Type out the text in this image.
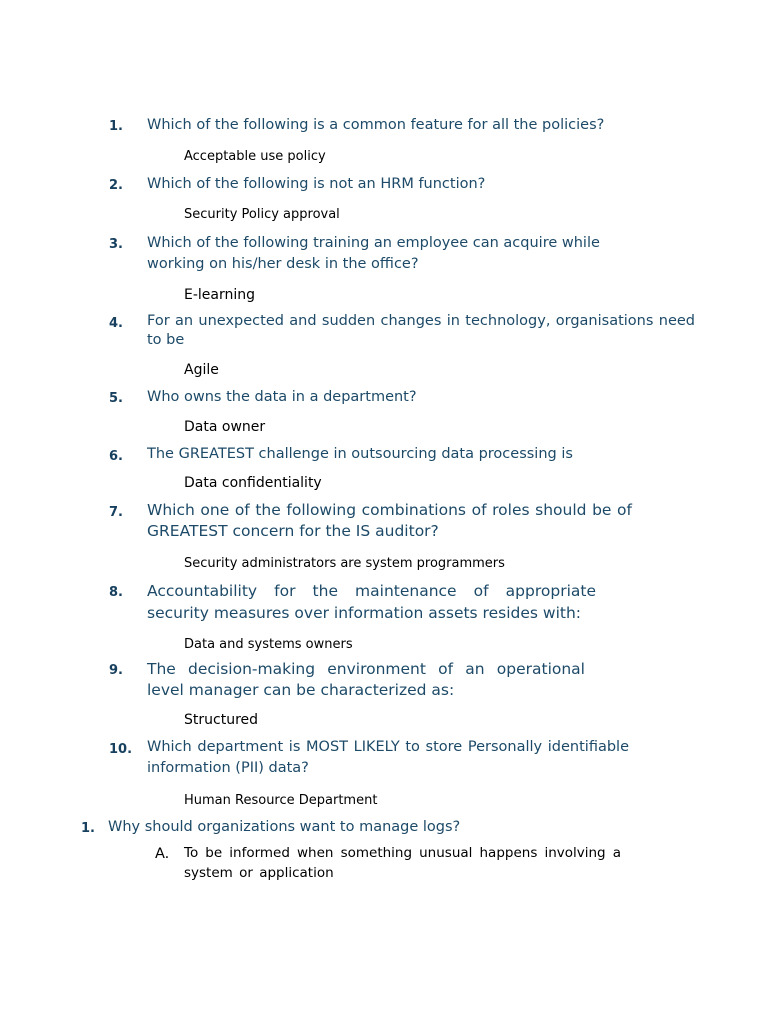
1. Which of the following is a common feature for all the policies?
Acceptable use policy
2. Which of the following is not an HRM function?
Security Policy approval
3. Which of the following training an employee can acquire while working on his/her desk in the office?
E-learning
4. For an unexpected and sudden changes in technology, organisations need to be
Agile
5. Who owns the data in a department?
Data owner
6. The GREATEST challenge in outsourcing data processing is
Data confidentiality
7. Which one of the following combinations of roles should be of GREATEST concern for the IS auditor?
Security administrators are system programmers
8. Accountability for the maintenance of appropriate security measures over information assets resides with:
Data and systems owners
9. The decision-making environment of an operational level manager can be characterized as:
Structured
10. Which department is MOST LIKELY to store Personally identifiable information (PII) data?
Human Resource Department
1. Why should organizations want to manage logs?
A. To be informed when something unusual happens involving a system or application
